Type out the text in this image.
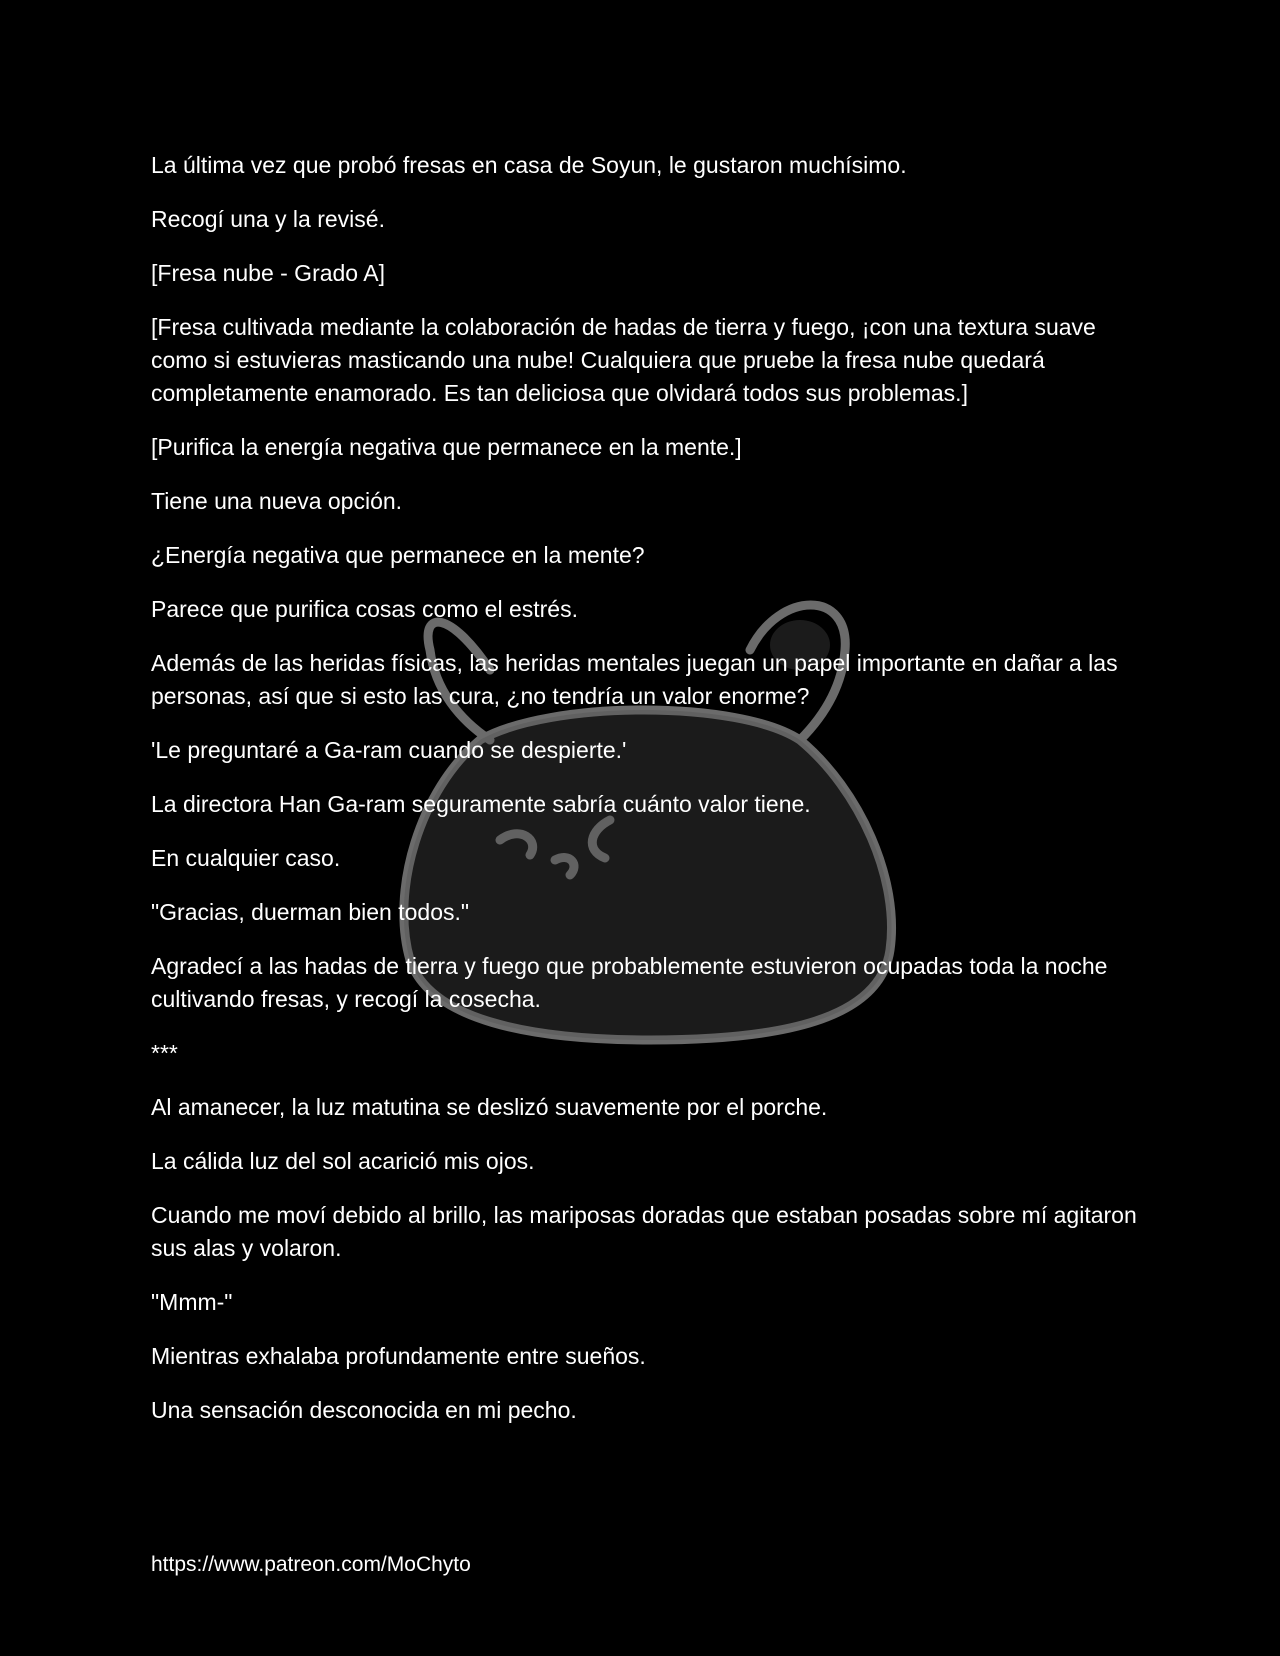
La última vez que probó fresas en casa de Soyun, le gustaron muchísimo.

Recogí una y la revisé.

[Fresa nube - Grado A]

[Fresa cultivada mediante la colaboración de hadas de tierra y fuego, ¡con una textura suave como si estuvieras masticando una nube! Cualquiera que pruebe la fresa nube quedará completamente enamorado. Es tan deliciosa que olvidará todos sus problemas.]

[Purifica la energía negativa que permanece en la mente.]

Tiene una nueva opción.

¿Energía negativa que permanece en la mente?

Parece que purifica cosas como el estrés.

Además de las heridas físicas, las heridas mentales juegan un papel importante en dañar a las personas, así que si esto las cura, ¿no tendría un valor enorme?

'Le preguntaré a Ga-ram cuando se despierte.'

La directora Han Ga-ram seguramente sabría cuánto valor tiene.

En cualquier caso.

"Gracias, duerman bien todos."

Agradecí a las hadas de tierra y fuego que probablemente estuvieron ocupadas toda la noche cultivando fresas, y recogí la cosecha.

***

Al amanecer, la luz matutina se deslizó suavemente por el porche.

La cálida luz del sol acarició mis ojos.

Cuando me moví debido al brillo, las mariposas doradas que estaban posadas sobre mí agitaron sus alas y volaron.

"Mmm-"

Mientras exhalaba profundamente entre sueños.

Una sensación desconocida en mi pecho.

https://www.patreon.com/MoChyto
